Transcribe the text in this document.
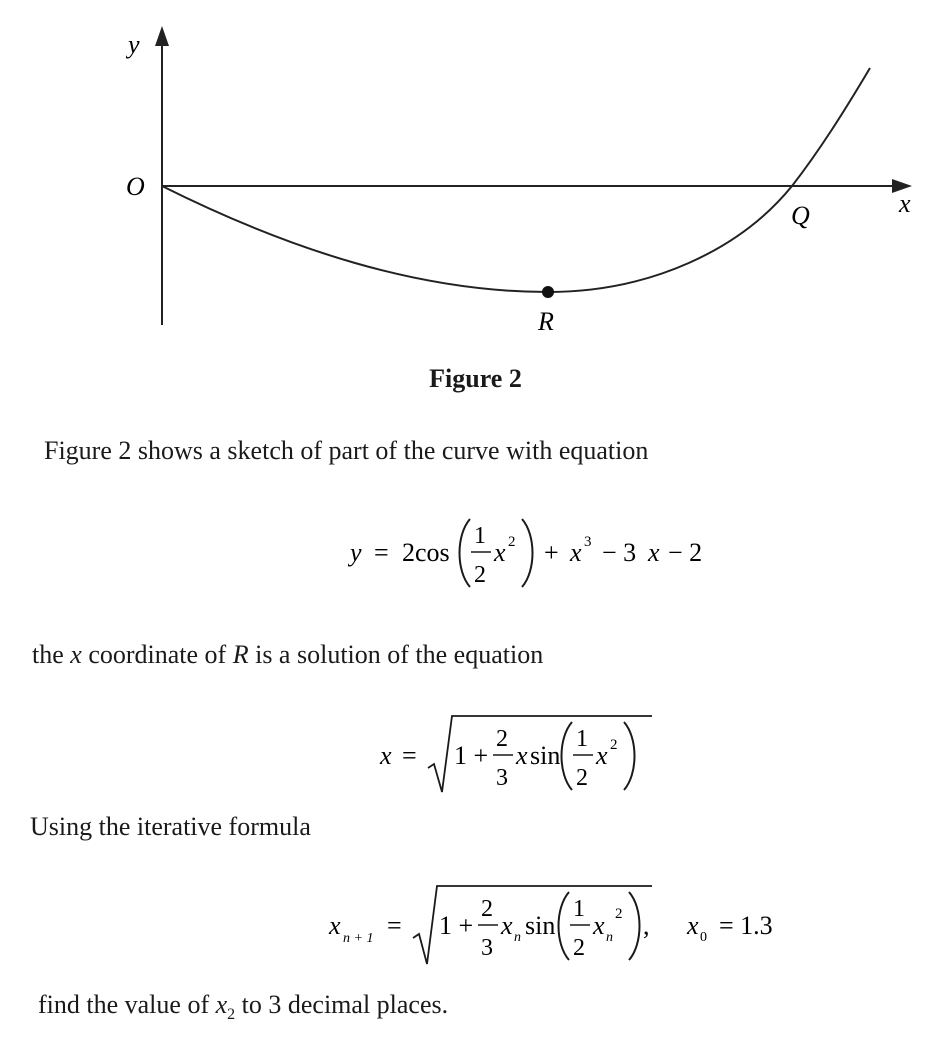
y
O
x
Q
R
Figure 2
Figure 2 shows a sketch of part of the curve with equation
y = 2cos
1
2
x 2 + x 3 − 3 x − 2
the x coordinate of R is a solution of the equation
x = 1 +
2
3
x sin
1
2
x 2
Using the iterative formula
x n + 1 = 1 +
2
3
x n sin
1
2
x n
2 , x 0 = 1.3
find the value of $x_2$ to 3 decimal places.
